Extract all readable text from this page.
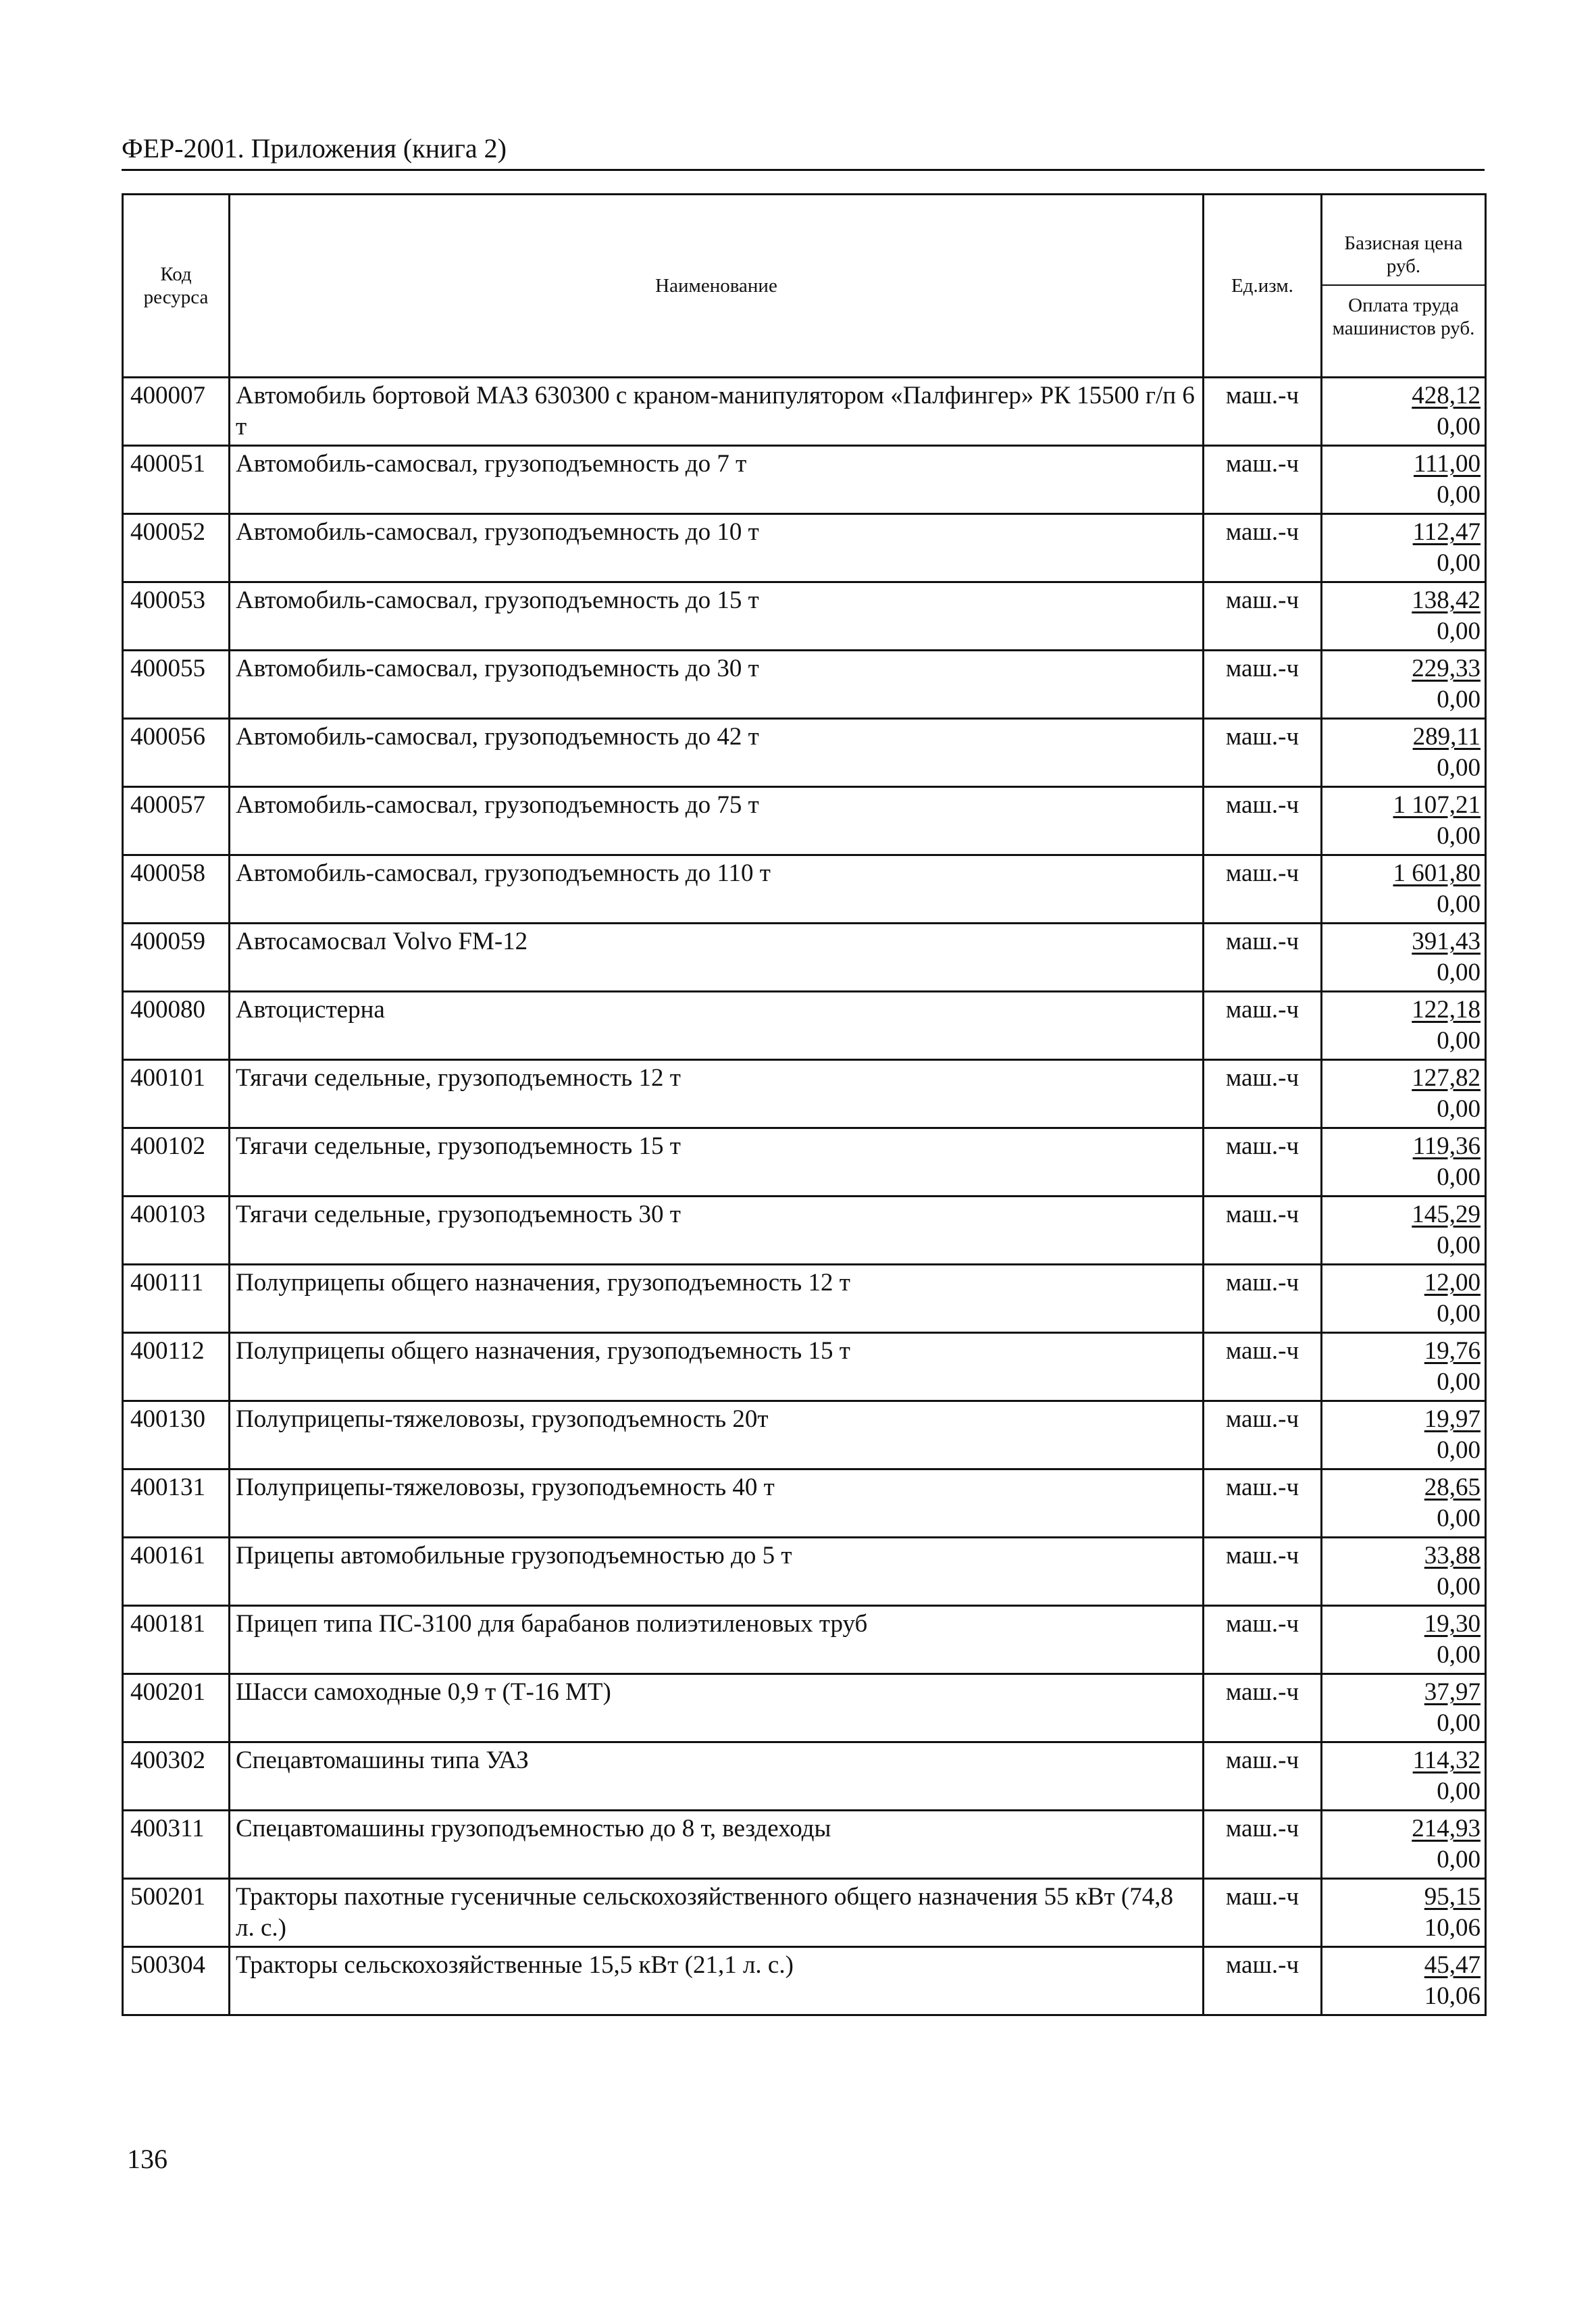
ФЕР-2001. Приложения (книга 2)
Код ресурса	Наименование	Ед.изм.	Базисная цена руб.
Оплата труда машинистов руб.

400007	Автомобиль бортовой МАЗ 630300 с краном-манипулятором «Палфингер» РК 15500 г/п 6 т	маш.-ч	428,12
0,00

400051	Автомобиль-самосвал, грузоподъемность до 7 т	маш.-ч	111,00
0,00

400052	Автомобиль-самосвал, грузоподъемность до 10 т	маш.-ч	112,47
0,00

400053	Автомобиль-самосвал, грузоподъемность до 15 т	маш.-ч	138,42
0,00

400055	Автомобиль-самосвал, грузоподъемность до 30 т	маш.-ч	229,33
0,00

400056	Автомобиль-самосвал, грузоподъемность до 42 т	маш.-ч	289,11
0,00

400057	Автомобиль-самосвал, грузоподъемность до 75 т	маш.-ч	1 107,21
0,00

400058	Автомобиль-самосвал, грузоподъемность до 110 т	маш.-ч	1 601,80
0,00

400059	Автосамосвал Volvo FM-12	маш.-ч	391,43
0,00

400080	Автоцистерна	маш.-ч	122,18
0,00

400101	Тягачи седельные, грузоподъемность 12 т	маш.-ч	127,82
0,00

400102	Тягачи седельные, грузоподъемность 15 т	маш.-ч	119,36
0,00

400103	Тягачи седельные, грузоподъемность 30 т	маш.-ч	145,29
0,00

400111	Полуприцепы общего назначения, грузоподъемность 12 т	маш.-ч	12,00
0,00

400112	Полуприцепы общего назначения, грузоподъемность 15 т	маш.-ч	19,76
0,00

400130	Полуприцепы-тяжеловозы, грузоподъемность 20т	маш.-ч	19,97
0,00

400131	Полуприцепы-тяжеловозы, грузоподъемность 40 т	маш.-ч	28,65
0,00

400161	Прицепы автомобильные грузоподъемностью до 5 т	маш.-ч	33,88
0,00

400181	Прицеп типа ПС-3100 для барабанов полиэтиленовых труб	маш.-ч	19,30
0,00

400201	Шасси самоходные 0,9 т (Т-16 МТ)	маш.-ч	37,97
0,00

400302	Спецавтомашины типа УАЗ	маш.-ч	114,32
0,00

400311	Спецавтомашины грузоподъемностью до 8 т, вездеходы	маш.-ч	214,93
0,00

500201	Тракторы пахотные гусеничные сельскохозяйственного общего назначения 55 кВт (74,8 л. с.)	маш.-ч	95,15
10,06

500304	Тракторы сельскохозяйственные 15,5 кВт (21,1 л. с.)	маш.-ч	45,47
10,06
136
